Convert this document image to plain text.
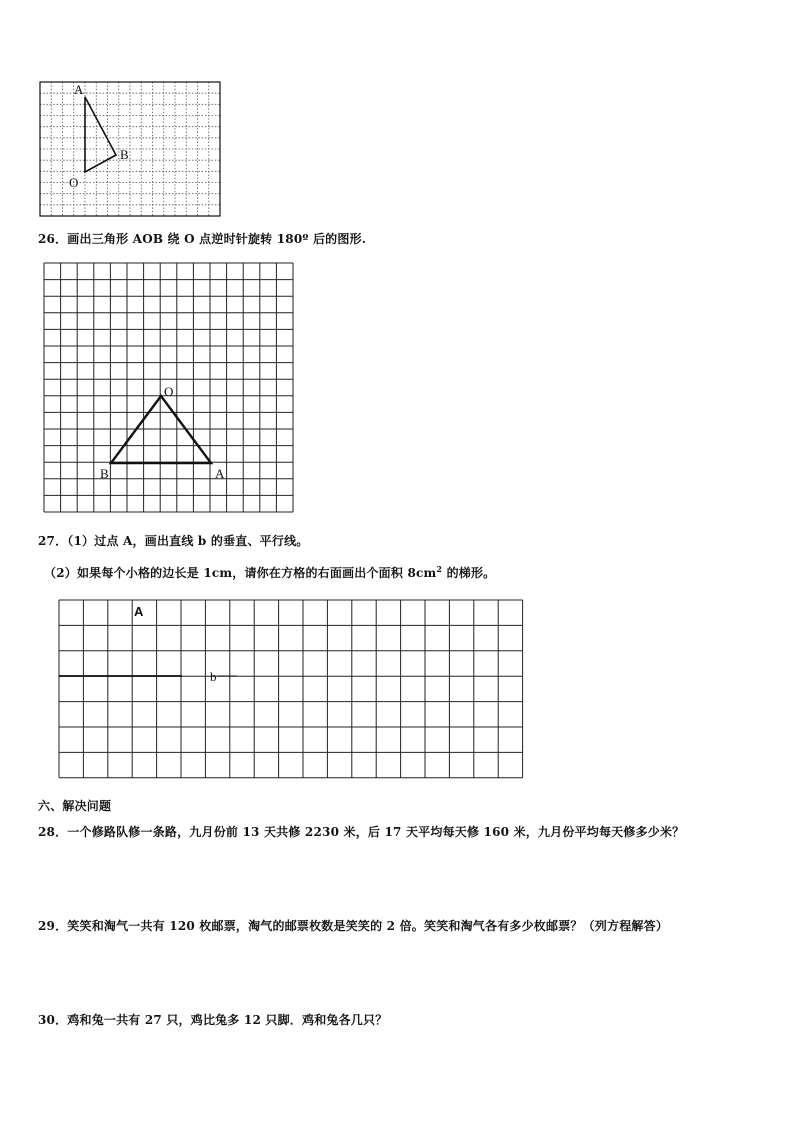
A
B
O
26．画出三角形 AOB 绕 O 点逆时针旋转 180º 后的图形.
O
B	A
27．（1）过点 A，画出直线 b 的垂直、平行线。
（2）如果每个小格的边长是 1cm，请你在方格的右面画出个面积 $8cm^2$ 的梯形。
A
b
六、解决问题
28．一个修路队修一条路，九月份前 13 天共修 2230 米，后 17 天平均每天修 160 米，九月份平均每天修多少米？
29．笑笑和淘气一共有 120 枚邮票，淘气的邮票枚数是笑笑的 2 倍。笑笑和淘气各有多少枚邮票？（列方程解答）
30．鸡和兔一共有 27 只，鸡比兔多 12 只脚．鸡和兔各几只？
